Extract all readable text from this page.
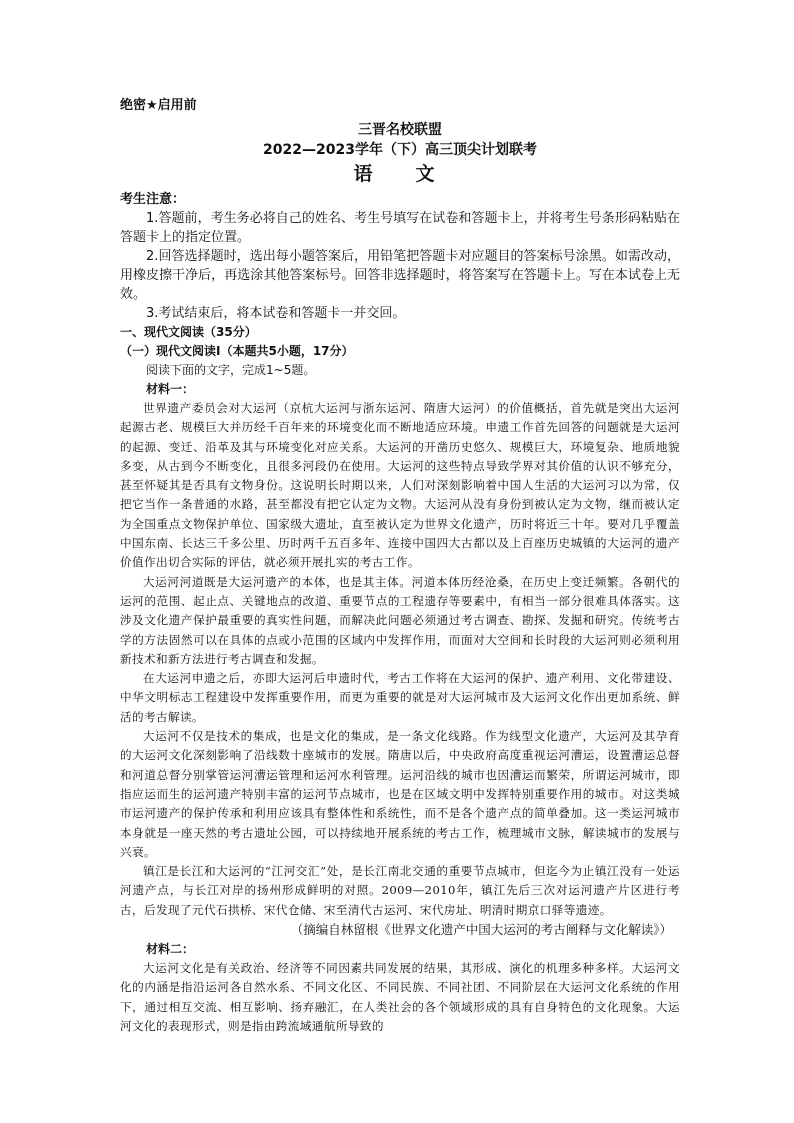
绝密★启用前

三晋名校联盟

2022—2023学年（下）高三顶尖计划联考

语　文

考生注意：

1.答题前，考生务必将自己的姓名、考生号填写在试卷和答题卡上，并将考生号条形码粘贴在答题卡上的指定位置。

2.回答选择题时，选出每小题答案后，用铅笔把答题卡对应题目的答案标号涂黑。如需改动，用橡皮擦干净后，再选涂其他答案标号。回答非选择题时，将答案写在答题卡上。写在本试卷上无效。

3.考试结束后，将本试卷和答题卡一并交回。

一、现代文阅读（35分）

（一）现代文阅读Ⅰ（本题共5小题，17分）

阅读下面的文字，完成1~5题。

材料一：

世界遗产委员会对大运河（京杭大运河与浙东运河、隋唐大运河）的价值概括，首先就是突出大运河起源古老、规模巨大并历经千百年来的环境变化而不断地适应环境。申遗工作首先回答的问题就是大运河的起源、变迁、沿革及其与环境变化对应关系。大运河的开凿历史悠久、规模巨大，环境复杂、地质地貌多变，从古到今不断变化，且很多河段仍在使用。大运河的这些特点导致学界对其价值的认识不够充分，甚至怀疑其是否具有文物身份。这说明长时期以来，人们对深刻影响着中国人生活的大运河习以为常，仅把它当作一条普通的水路，甚至都没有把它认定为文物。大运河从没有身份到被认定为文物，继而被认定为全国重点文物保护单位、国家级大遗址，直至被认定为世界文化遗产，历时将近三十年。要对几乎覆盖中国东南、长达三千多公里、历时两千五百多年、连接中国四大古都以及上百座历史城镇的大运河的遗产价值作出切合实际的评估，就必须开展扎实的考古工作。

大运河河道既是大运河遗产的本体，也是其主体。河道本体历经沧桑，在历史上变迁频繁。各朝代的运河的范围、起止点、关键地点的改道、重要节点的工程遗存等要素中，有相当一部分很难具体落实。这涉及文化遗产保护最重要的真实性问题，而解决此问题必须通过考古调查、勘探、发掘和研究。传统考古学的方法固然可以在具体的点或小范围的区域内中发挥作用，而面对大空间和长时段的大运河则必须利用新技术和新方法进行考古调查和发掘。

在大运河申遗之后，亦即大运河后申遗时代，考古工作将在大运河的保护、遗产利用、文化带建设、中华文明标志工程建设中发挥重要作用，而更为重要的就是对大运河城市及大运河文化作出更加系统、鲜活的考古解读。

大运河不仅是技术的集成，也是文化的集成，是一条文化线路。作为线型文化遗产，大运河及其孕育的大运河文化深刻影响了沿线数十座城市的发展。隋唐以后，中央政府高度重视运河漕运，设置漕运总督和河道总督分别掌管运河漕运管理和运河水利管理。运河沿线的城市也因漕运而繁荣，所谓运河城市，即指应运而生的运河遗产特别丰富的运河节点城市，也是在区域文明中发挥特别重要作用的城市。对这类城市运河遗产的保护传承和利用应该具有整体性和系统性，而不是各个遗产点的简单叠加。这一类运河城市本身就是一座天然的考古遗址公园，可以持续地开展系统的考古工作，梳理城市文脉，解读城市的发展与兴衰。

镇江是长江和大运河的“江河交汇”处，是长江南北交通的重要节点城市，但迄今为止镇江没有一处运河遗产点，与长江对岸的扬州形成鲜明的对照。2009—2010年，镇江先后三次对运河遗产片区进行考古，后发现了元代石拱桥、宋代仓储、宋至清代古运河、宋代房址、明清时期京口驿等遗迹。

（摘编自林留根《世界文化遗产中国大运河的考古阐释与文化解读》）

材料二：

大运河文化是有关政治、经济等不同因素共同发展的结果，其形成、演化的机理多种多样。大运河文化的内涵是指沿运河各自然水系、不同文化区、不同民族、不同社团、不同阶层在大运河文化系统的作用下，通过相互交流、相互影响、扬弃融汇，在人类社会的各个领域形成的具有自身特色的文化现象。大运河文化的表现形式，则是指由跨流域通航所导致的
